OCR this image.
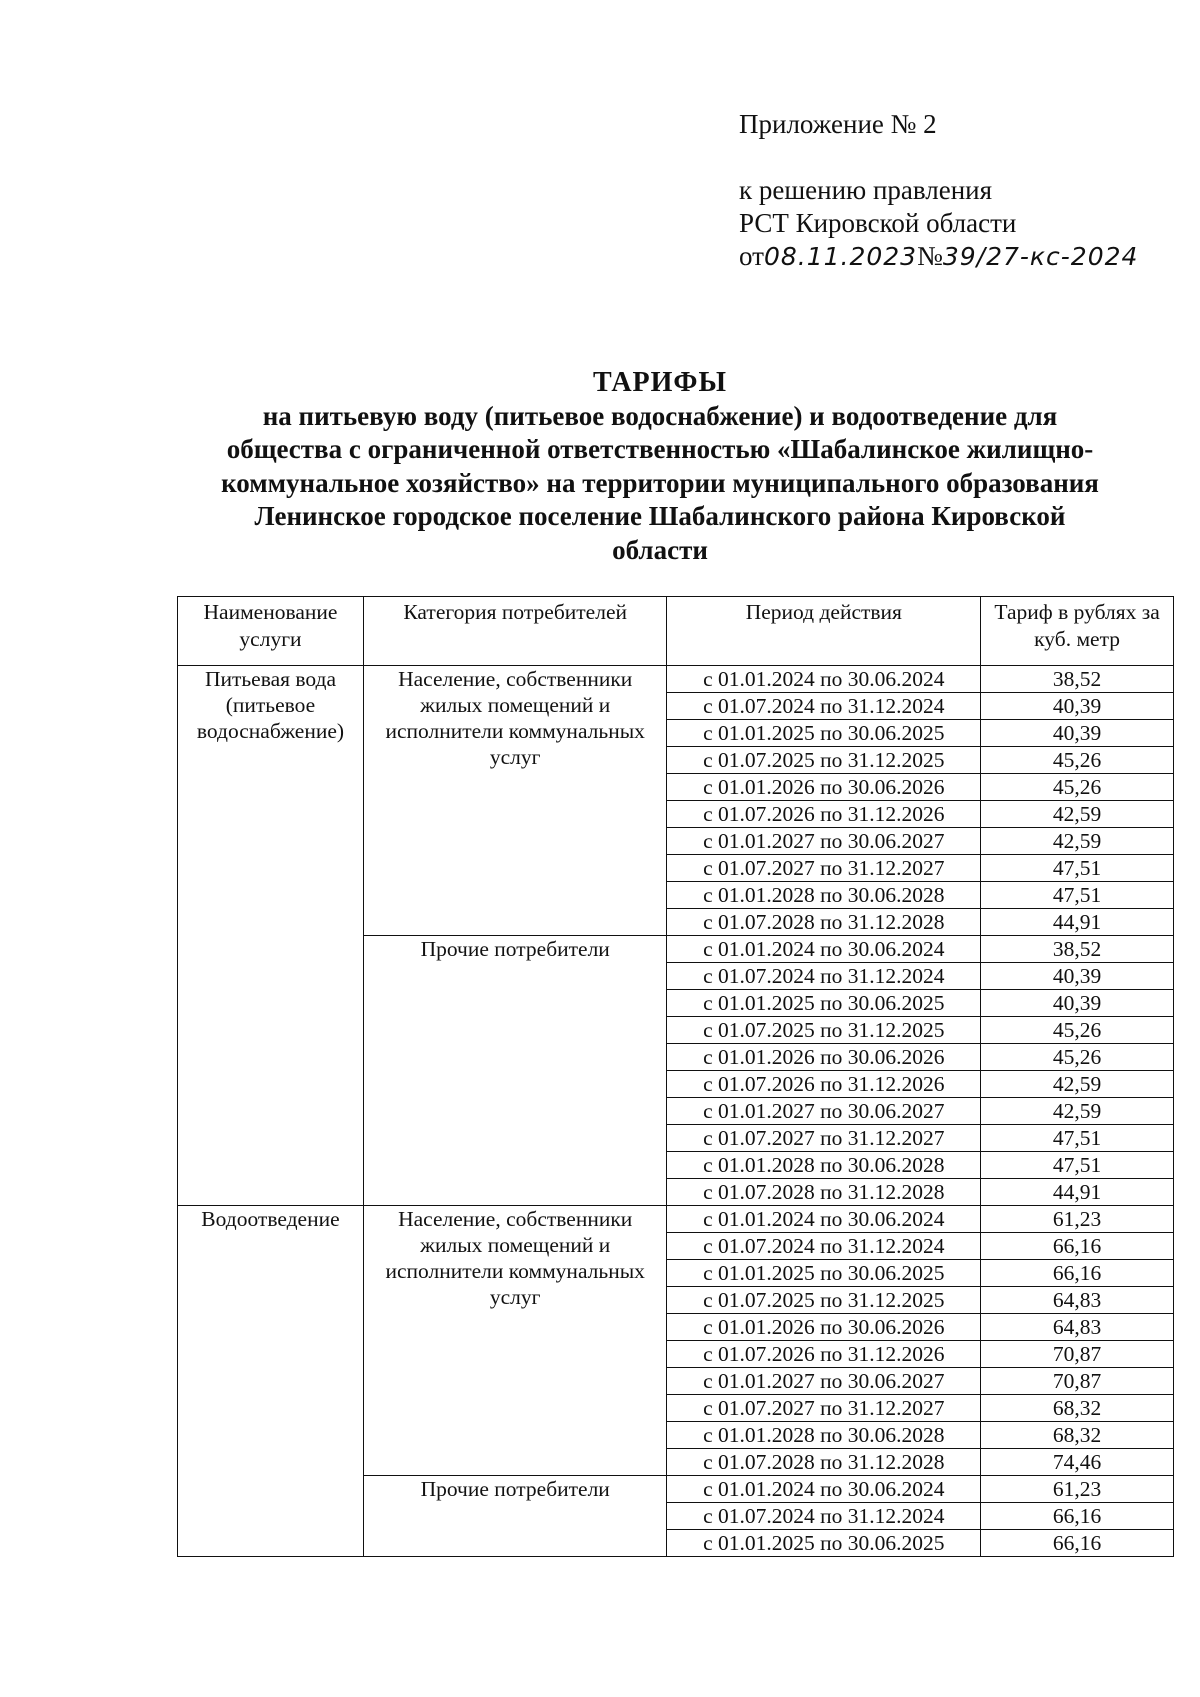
Приложение № 2
к решению правления
РСТ Кировской области
от08.11.2023№39/27-кс-2024
ТАРИФЫ
на питьевую воду (питьевое водоснабжение) и водоотведение для
общества с ограниченной ответственностью «Шабалинское жилищно-
коммунальное хозяйство» на территории муниципального образования
Ленинское городское поселение Шабалинского района Кировской
области
Наименование услуги	Категория потребителей	Период действия	Тариф в рублях за куб. метр
Питьевая вода (питьевое водоснабжение)	Население, собственники жилых помещений и исполнители коммунальных услуг	с 01.01.2024 по 30.06.2024	38,52
		с 01.07.2024 по 31.12.2024	40,39
		с 01.01.2025 по 30.06.2025	40,39
		с 01.07.2025 по 31.12.2025	45,26
		с 01.01.2026 по 30.06.2026	45,26
		с 01.07.2026 по 31.12.2026	42,59
		с 01.01.2027 по 30.06.2027	42,59
		с 01.07.2027 по 31.12.2027	47,51
		с 01.01.2028 по 30.06.2028	47,51
		с 01.07.2028 по 31.12.2028	44,91
	Прочие потребители	с 01.01.2024 по 30.06.2024	38,52
		с 01.07.2024 по 31.12.2024	40,39
		с 01.01.2025 по 30.06.2025	40,39
		с 01.07.2025 по 31.12.2025	45,26
		с 01.01.2026 по 30.06.2026	45,26
		с 01.07.2026 по 31.12.2026	42,59
		с 01.01.2027 по 30.06.2027	42,59
		с 01.07.2027 по 31.12.2027	47,51
		с 01.01.2028 по 30.06.2028	47,51
		с 01.07.2028 по 31.12.2028	44,91
Водоотведение	Население, собственники жилых помещений и исполнители коммунальных услуг	с 01.01.2024 по 30.06.2024	61,23
		с 01.07.2024 по 31.12.2024	66,16
		с 01.01.2025 по 30.06.2025	66,16
		с 01.07.2025 по 31.12.2025	64,83
		с 01.01.2026 по 30.06.2026	64,83
		с 01.07.2026 по 31.12.2026	70,87
		с 01.01.2027 по 30.06.2027	70,87
		с 01.07.2027 по 31.12.2027	68,32
		с 01.01.2028 по 30.06.2028	68,32
		с 01.07.2028 по 31.12.2028	74,46
	Прочие потребители	с 01.01.2024 по 30.06.2024	61,23
		с 01.07.2024 по 31.12.2024	66,16
		с 01.01.2025 по 30.06.2025	66,16
